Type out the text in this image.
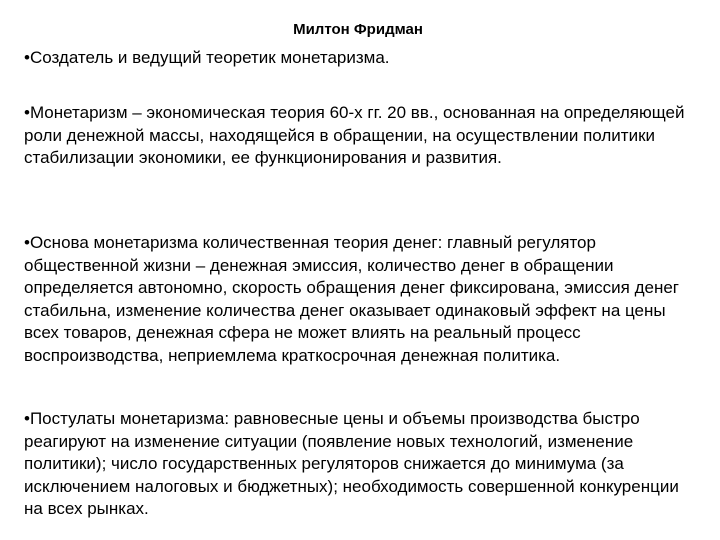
Милтон Фридман
•Создатель и ведущий теоретик монетаризма.
•Монетаризм – экономическая теория 60-х гг. 20 вв., основанная на определяющей роли денежной массы, находящейся в обращении, на осуществлении политики стабилизации экономики, ее функционирования и развития.
•Основа монетаризма количественная теория денег: главный регулятор общественной жизни – денежная эмиссия, количество денег в обращении определяется автономно, скорость обращения денег фиксирована, эмиссия денег стабильна, изменение количества денег оказывает одинаковый эффект на цены всех товаров, денежная сфера не может влиять на реальный процесс воспроизводства, неприемлема краткосрочная денежная политика.
•Постулаты монетаризма: равновесные цены и объемы производства быстро реагируют на изменение ситуации (появление новых технологий, изменение политики); число государственных регуляторов снижается до минимума (за исключением налоговых и бюджетных); необходимость совершенной конкуренции на всех рынках.
